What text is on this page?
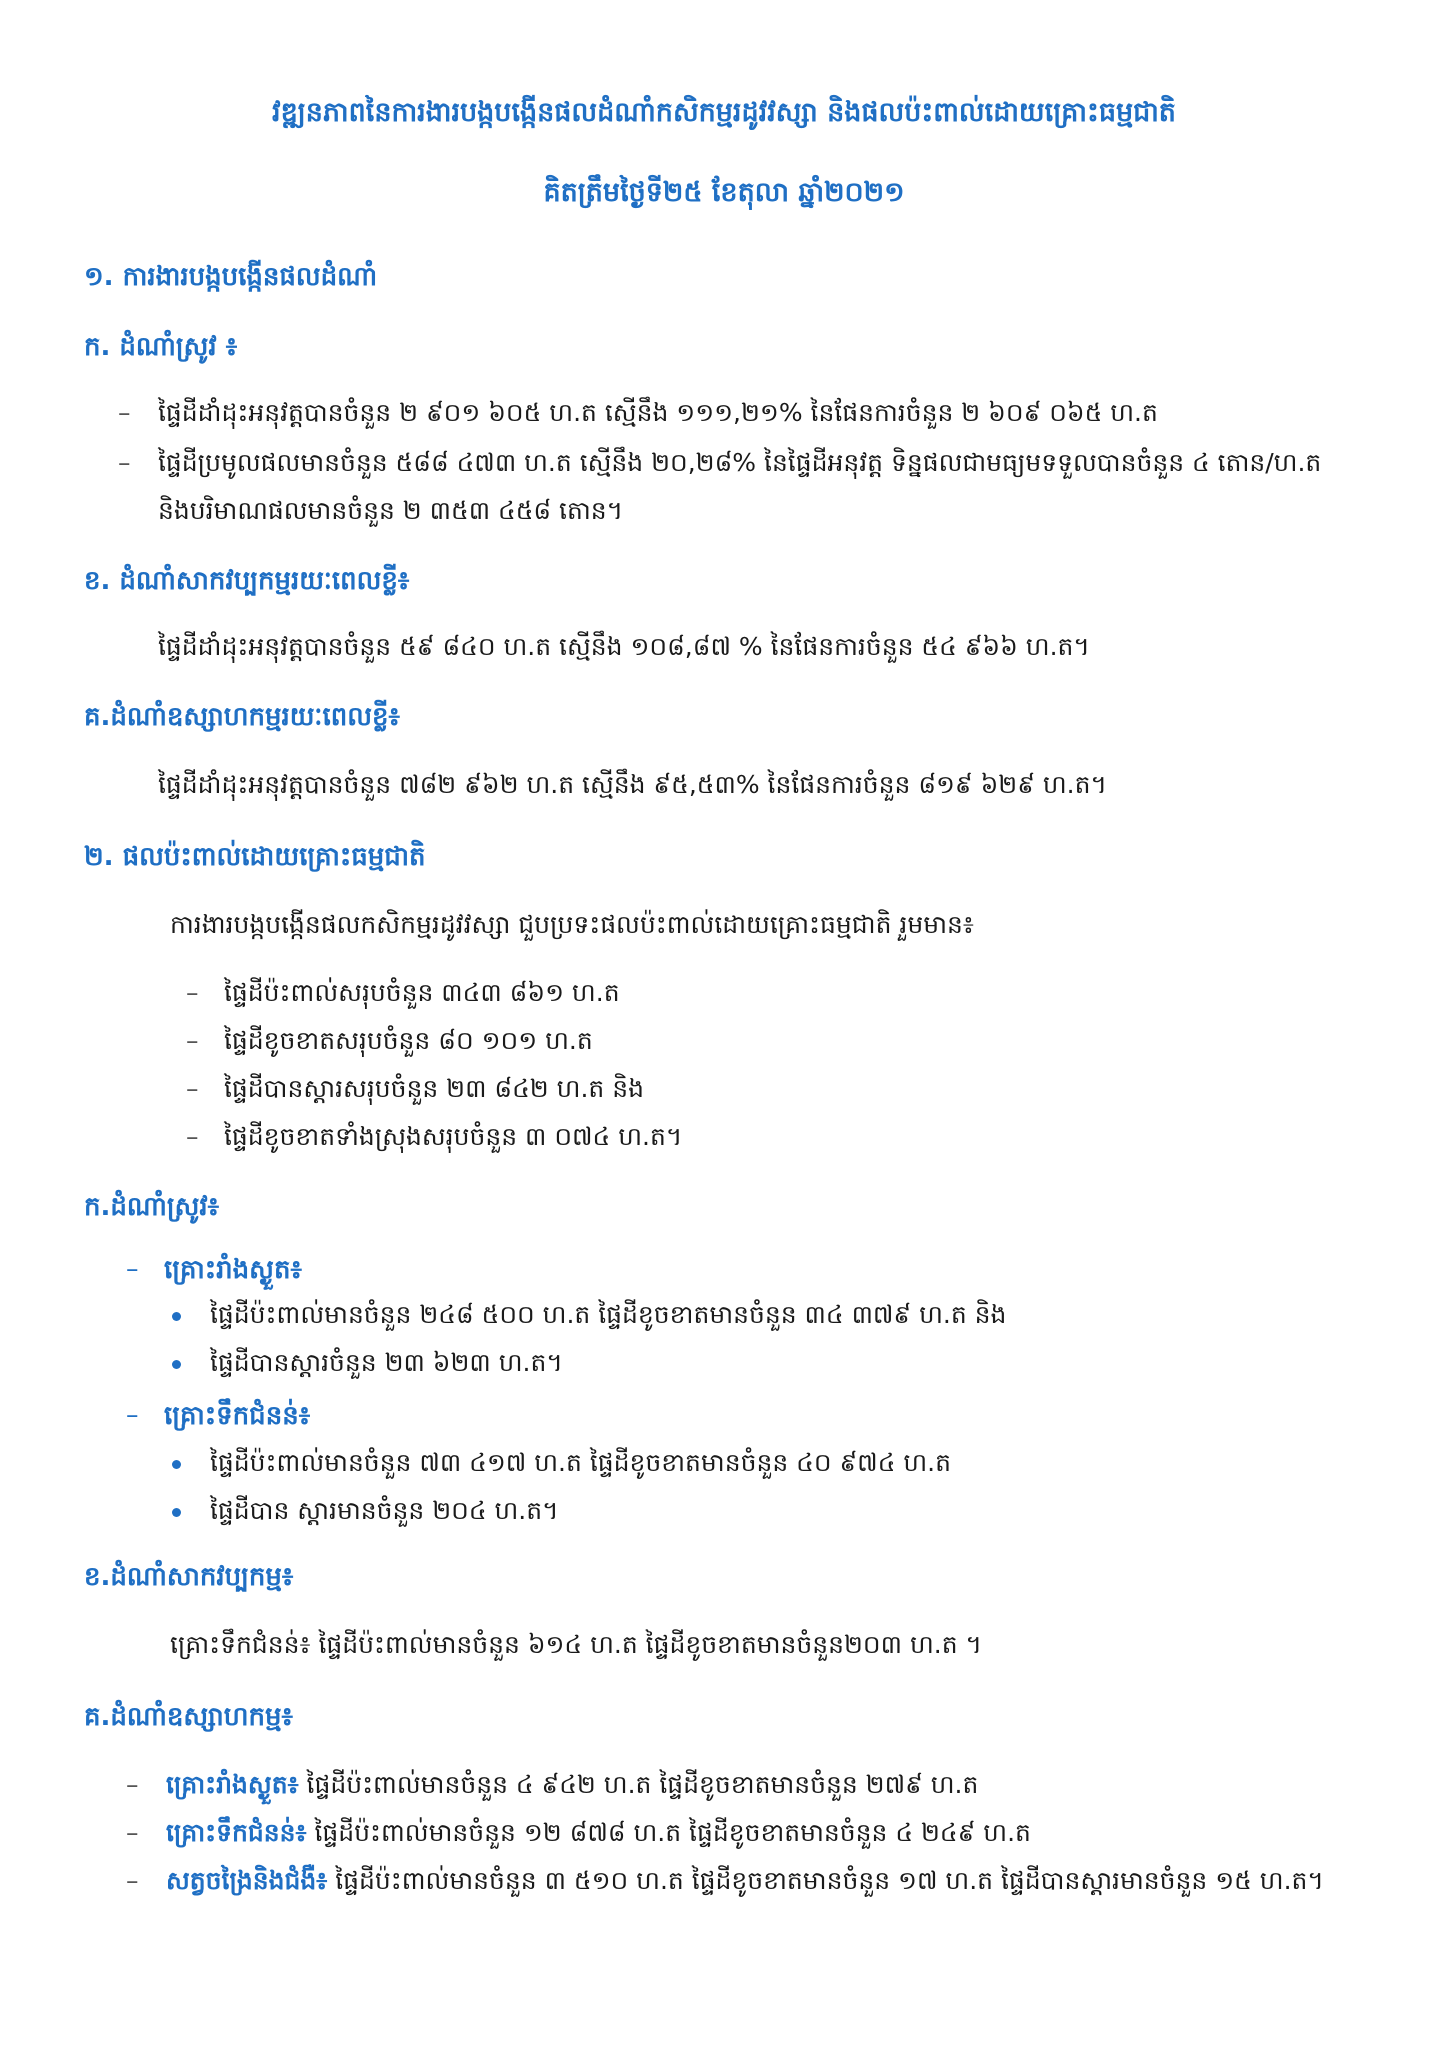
វឌ្ឍនភាពនៃការងារបង្កបង្កើនផលដំណាំកសិកម្មរដូវវស្សា និងផលប៉ះពាល់ដោយគ្រោះធម្មជាតិ
គិតត្រឹមថ្ងៃទី២៥ ខែតុលា ឆ្នាំ២០២១
១. ការងារបង្កបង្កើនផលដំណាំ
ក. ដំណាំស្រូវ ៖
– ផ្ទៃដីដាំដុះអនុវត្តបានចំនួន ២ ៩០១ ៦០៥ ហ.ត ស្មើនឹង ១១១,២១% នៃផែនការចំនួន ២ ៦០៩ ០៦៥ ហ.ត
– ផ្ទៃដីប្រមូលផលមានចំនួន ៥៨៨ ៤៧៣ ហ.ត ស្មើនឹង ២០,២៨% នៃផ្ទៃដីអនុវត្ត ទិន្នផលជាមធ្យមទទួលបានចំនួន ៤ តោន/ហ.ត
និងបរិមាណផលមានចំនួន ២ ៣៥៣ ៤៥៨ តោន។
ខ. ដំណាំសាកវប្បកម្មរយៈពេលខ្លី៖
ផ្ទៃដីដាំដុះអនុវត្តបានចំនួន ៥៩ ៨៤០ ហ.ត ស្មើនឹង ១០៨,៨៧ % នៃផែនការចំនួន ៥៤ ៩៦៦ ហ.ត។
គ.ដំណាំឧស្សាហកម្មរយៈពេលខ្លី៖
ផ្ទៃដីដាំដុះអនុវត្តបានចំនួន ៧៨២ ៩៦២ ហ.ត ស្មើនឹង ៩៥,៥៣% នៃផែនការចំនួន ៨១៩ ៦២៩ ហ.ត។
២. ផលប៉ះពាល់ដោយគ្រោះធម្មជាតិ
ការងារបង្កបង្កើនផលកសិកម្មរដូវវស្សា ជួបប្រទះផលប៉ះពាល់ដោយគ្រោះធម្មជាតិ រួមមាន៖
– ផ្ទៃដីប៉ះពាល់សរុបចំនួន ៣៤៣ ៨៦១ ហ.ត
– ផ្ទៃដីខូចខាតសរុបចំនួន ៨០ ១០១ ហ.ត
– ផ្ទៃដីបានស្តារសរុបចំនួន ២៣ ៨៤២ ហ.ត និង
– ផ្ទៃដីខូចខាតទាំងស្រុងសរុបចំនួន ៣ ០៧៤ ហ.ត។
ក.ដំណាំស្រូវ៖
– គ្រោះរាំងស្ងួត៖
ផ្ទៃដីប៉ះពាល់មានចំនួន ២៤៨ ៥០០ ហ.ត ផ្ទៃដីខូចខាតមានចំនួន ៣៤ ៣៧៩ ហ.ត និង
ផ្ទៃដីបានស្តារចំនួន ២៣ ៦២៣ ហ.ត។
– គ្រោះទឹកជំនន់៖
ផ្ទៃដីប៉ះពាល់មានចំនួន ៧៣ ៤១៧ ហ.ត ផ្ទៃដីខូចខាតមានចំនួន ៤០ ៩៧៤ ហ.ត
ផ្ទៃដីបាន ស្តារមានចំនួន ២០៤ ហ.ត។
ខ.ដំណាំសាកវប្បកម្ម៖
គ្រោះទឹកជំនន់៖ ផ្ទៃដីប៉ះពាល់មានចំនួន ៦១៤ ហ.ត ផ្ទៃដីខូចខាតមានចំនួន២០៣ ហ.ត ។
គ.ដំណាំឧស្សាហកម្ម៖
– គ្រោះរាំងស្ងួត៖ ផ្ទៃដីប៉ះពាល់មានចំនួន ៤ ៩៤២ ហ.ត ផ្ទៃដីខូចខាតមានចំនួន ២៧៩ ហ.ត
– គ្រោះទឹកជំនន់៖ ផ្ទៃដីប៉ះពាល់មានចំនួន ១២ ៨៧៨ ហ.ត ផ្ទៃដីខូចខាតមានចំនួន ៤ ២៤៩ ហ.ត
– សត្វចង្រៃនិងជំងឺ៖ ផ្ទៃដីប៉ះពាល់មានចំនួន ៣ ៥១០ ហ.ត ផ្ទៃដីខូចខាតមានចំនួន ១៧ ហ.ត ផ្ទៃដីបានស្តារមានចំនួន ១៥ ហ.ត។
